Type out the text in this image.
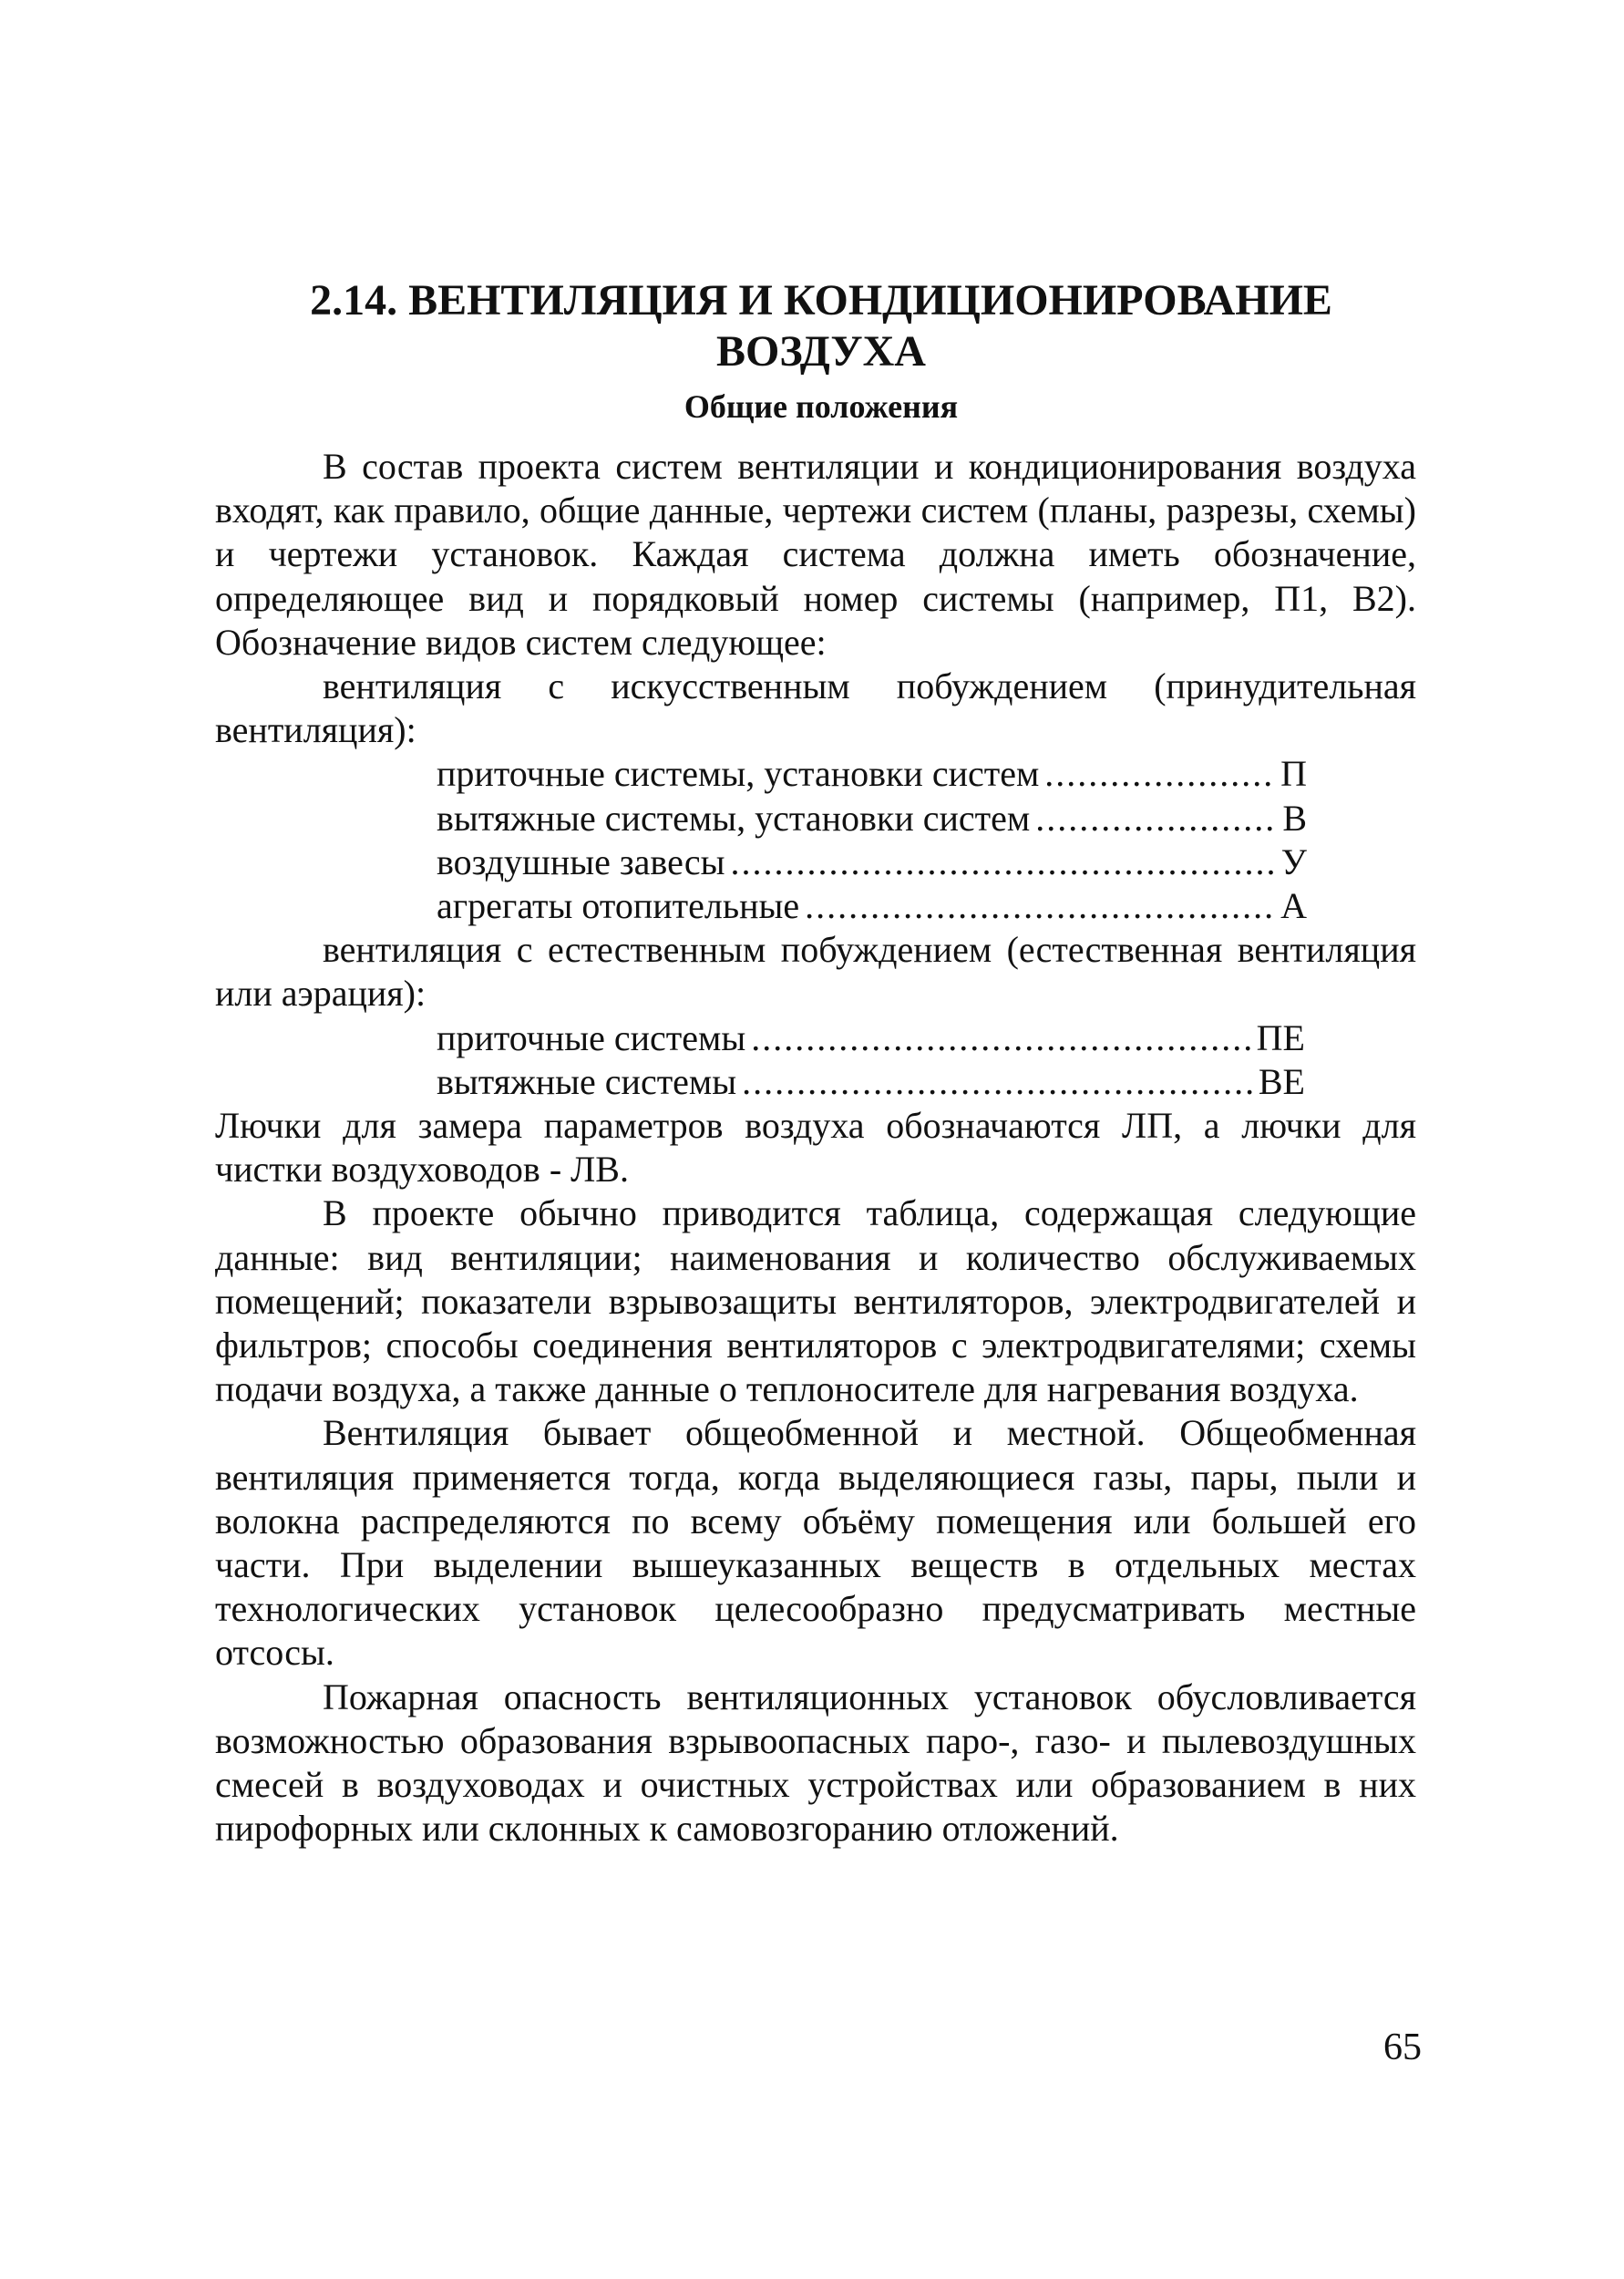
2.14. ВЕНТИЛЯЦИЯ И КОНДИЦИОНИРОВАНИЕ
ВОЗДУХА
Общие положения

В состав проекта систем вентиляции и кондиционирования воздуха входят, как правило, общие данные, чертежи систем (планы, разрезы, схемы) и чертежи установок. Каждая система должна иметь обозначение, определяющее вид и порядковый номер системы (например, П1, В2). Обозначение видов систем следующее:

вентиляция с искусственным побуждением (принудительная вентиляция):

приточные системы, установки систем .....	П
вытяжные системы, установки систем .....	В
воздушные завесы .....	У
агрегаты отопительные .....	А

вентиляция с естественным побуждением (естественная вентиляция или аэрация):

приточные системы .....	ПЕ
вытяжные системы .....	ВЕ

Лючки для замера параметров воздуха обозначаются ЛП, а лючки для чистки воздуховодов - ЛВ.

В проекте обычно приводится таблица, содержащая следующие данные: вид вентиляции; наименования и количество обслуживаемых помещений; показатели взрывозащиты вентиляторов, электродвигателей и фильтров; способы соединения вентиляторов с электродвигателями; схемы подачи воздуха, а также данные о теплоносителе для нагревания воздуха.

Вентиляция бывает общеобменной и местной. Общеобменная вентиляция применяется тогда, когда выделяющиеся газы, пары, пыли и волокна распределяются по всему объёму помещения или большей его части. При выделении вышеуказанных веществ в отдельных местах технологических установок целесообразно предусматривать местные отсосы.

Пожарная опасность вентиляционных установок обусловливается возможностью образования взрывоопасных паро-, газо- и пылевоздушных смесей в воздуховодах и очистных устройствах или образованием в них пирофорных или склонных к самовозгоранию отложений.

65
